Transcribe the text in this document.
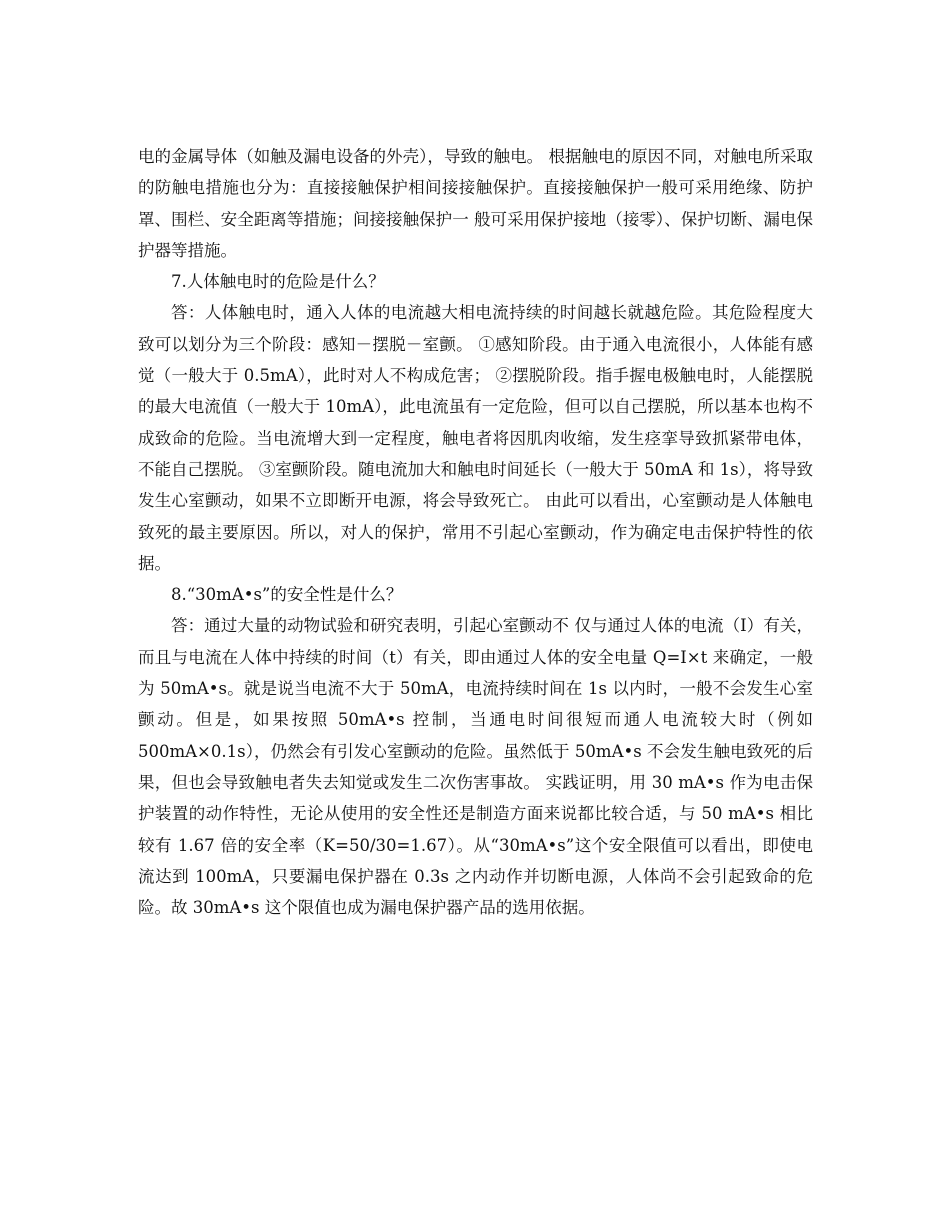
电的金属导体（如触及漏电设备的外壳），导致的触电。 根据触电的原因不同，对触电所采取的防触电措施也分为：直接接触保护相间接接触保护。直接接触保护一般可采用绝缘、防护罩、围栏、安全距离等措施；间接接触保护一 般可采用保护接地（接零）、保护切断、漏电保护器等措施。

7.人体触电时的危险是什么？

答：人体触电时，通入人体的电流越大相电流持续的时间越长就越危险。其危险程度大致可以划分为三个阶段：感知－摆脱－室颤。 ①感知阶段。由于通入电流很小，人体能有感觉（一般大于 0.5mA），此时对人不构成危害； ②摆脱阶段。指手握电极触电时，人能摆脱的最大电流值（一般大于 10mA），此电流虽有一定危险，但可以自己摆脱，所以基本也构不成致命的危险。当电流增大到一定程度，触电者将因肌肉收缩，发生痉挛导致抓紧带电体，不能自己摆脱。 ③室颤阶段。随电流加大和触电时间延长（一般大于 50mA 和 1s），将导致发生心室颤动，如果不立即断开电源，将会导致死亡。 由此可以看出，心室颤动是人体触电致死的最主要原因。所以，对人的保护，常用不引起心室颤动，作为确定电击保护特性的依据。

8.“30mA•s”的安全性是什么？

答：通过大量的动物试验和研究表明，引起心室颤动不 仅与通过人体的电流（I）有关，而且与电流在人体中持续的时间（t）有关，即由通过人体的安全电量 Q=I×t 来确定，一般为 50mA•s。就是说当电流不大于 50mA，电流持续时间在 1s 以内时，一般不会发生心室颤动。但是，如果按照 50mA•s 控制，当通电时间很短而通人电流较大时（例如 500mA×0.1s），仍然会有引发心室颤动的危险。虽然低于 50mA•s 不会发生触电致死的后果，但也会导致触电者失去知觉或发生二次伤害事故。 实践证明，用 30 mA•s 作为电击保护装置的动作特性，无论从使用的安全性还是制造方面来说都比较合适，与 50 mA•s 相比较有 1.67 倍的安全率（K=50/30=1.67）。从“30mA•s”这个安全限值可以看出，即使电流达到 100mA，只要漏电保护器在 0.3s 之内动作并切断电源，人体尚不会引起致命的危险。故 30mA•s 这个限值也成为漏电保护器产品的选用依据。
